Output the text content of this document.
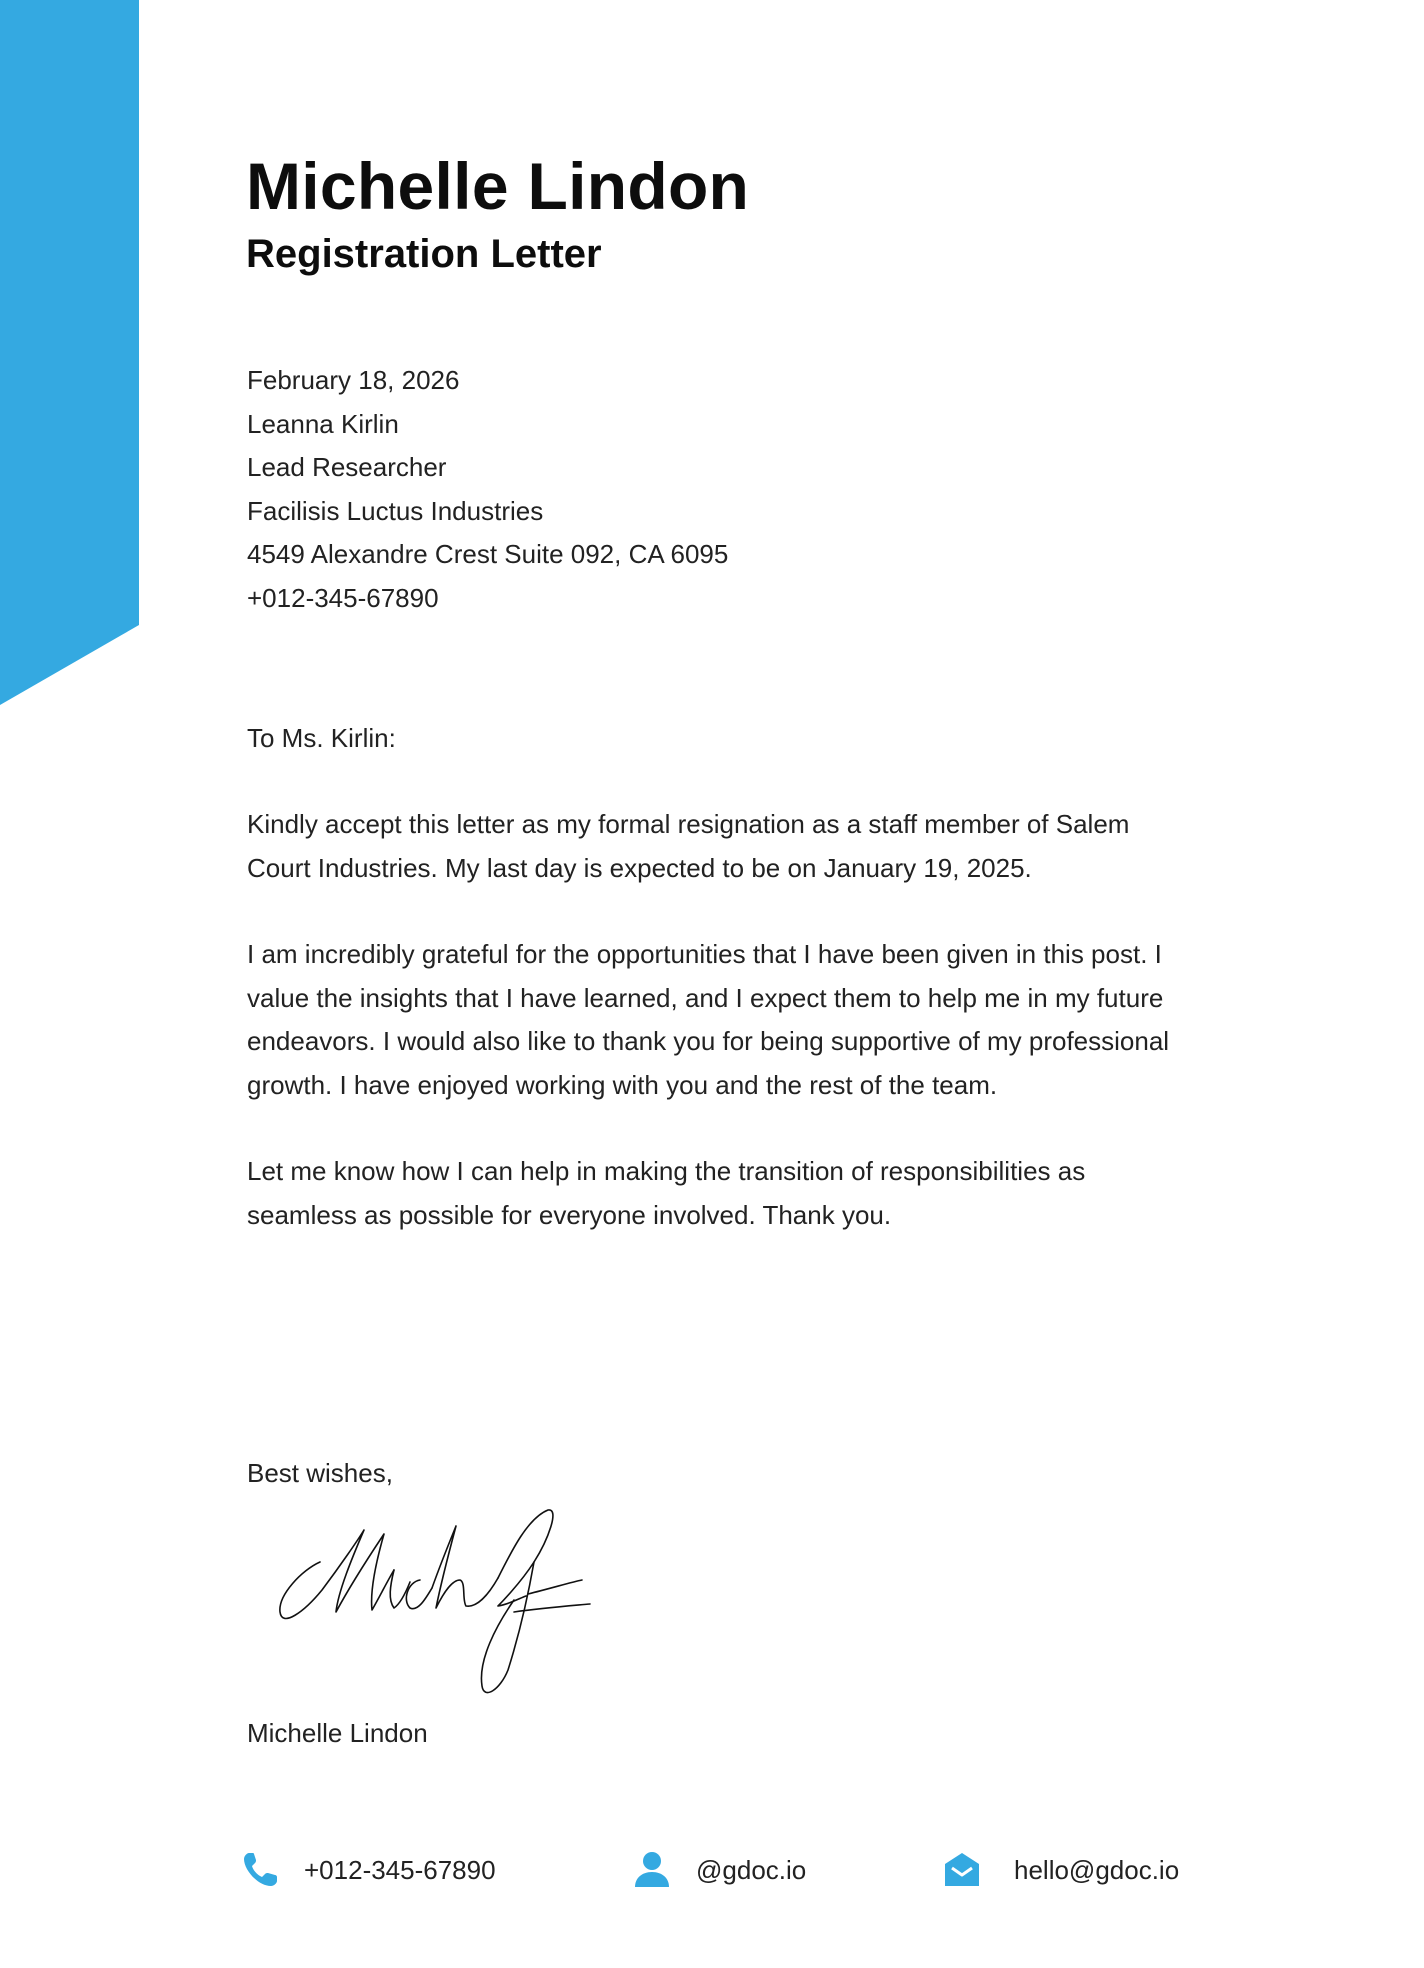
Michelle Lindon
Registration Letter
February 18, 2026
Leanna Kirlin
Lead Researcher
Facilisis Luctus Industries
4549 Alexandre Crest Suite 092, CA 6095
+012-345-67890
To Ms. Kirlin:

Kindly accept this letter as my formal resignation as a staff member of Salem Court Industries. My last day is expected to be on January 19, 2025.

I am incredibly grateful for the opportunities that I have been given in this post. I value the insights that I have learned, and I expect them to help me in my future endeavors. I would also like to thank you for being supportive of my professional growth. I have enjoyed working with you and the rest of the team.

Let me know how I can help in making the transition of responsibilities as seamless as possible for everyone involved. Thank you.

Best wishes,
Michelle Lindon
+012-345-67890	@gdoc.io	hello@gdoc.io
